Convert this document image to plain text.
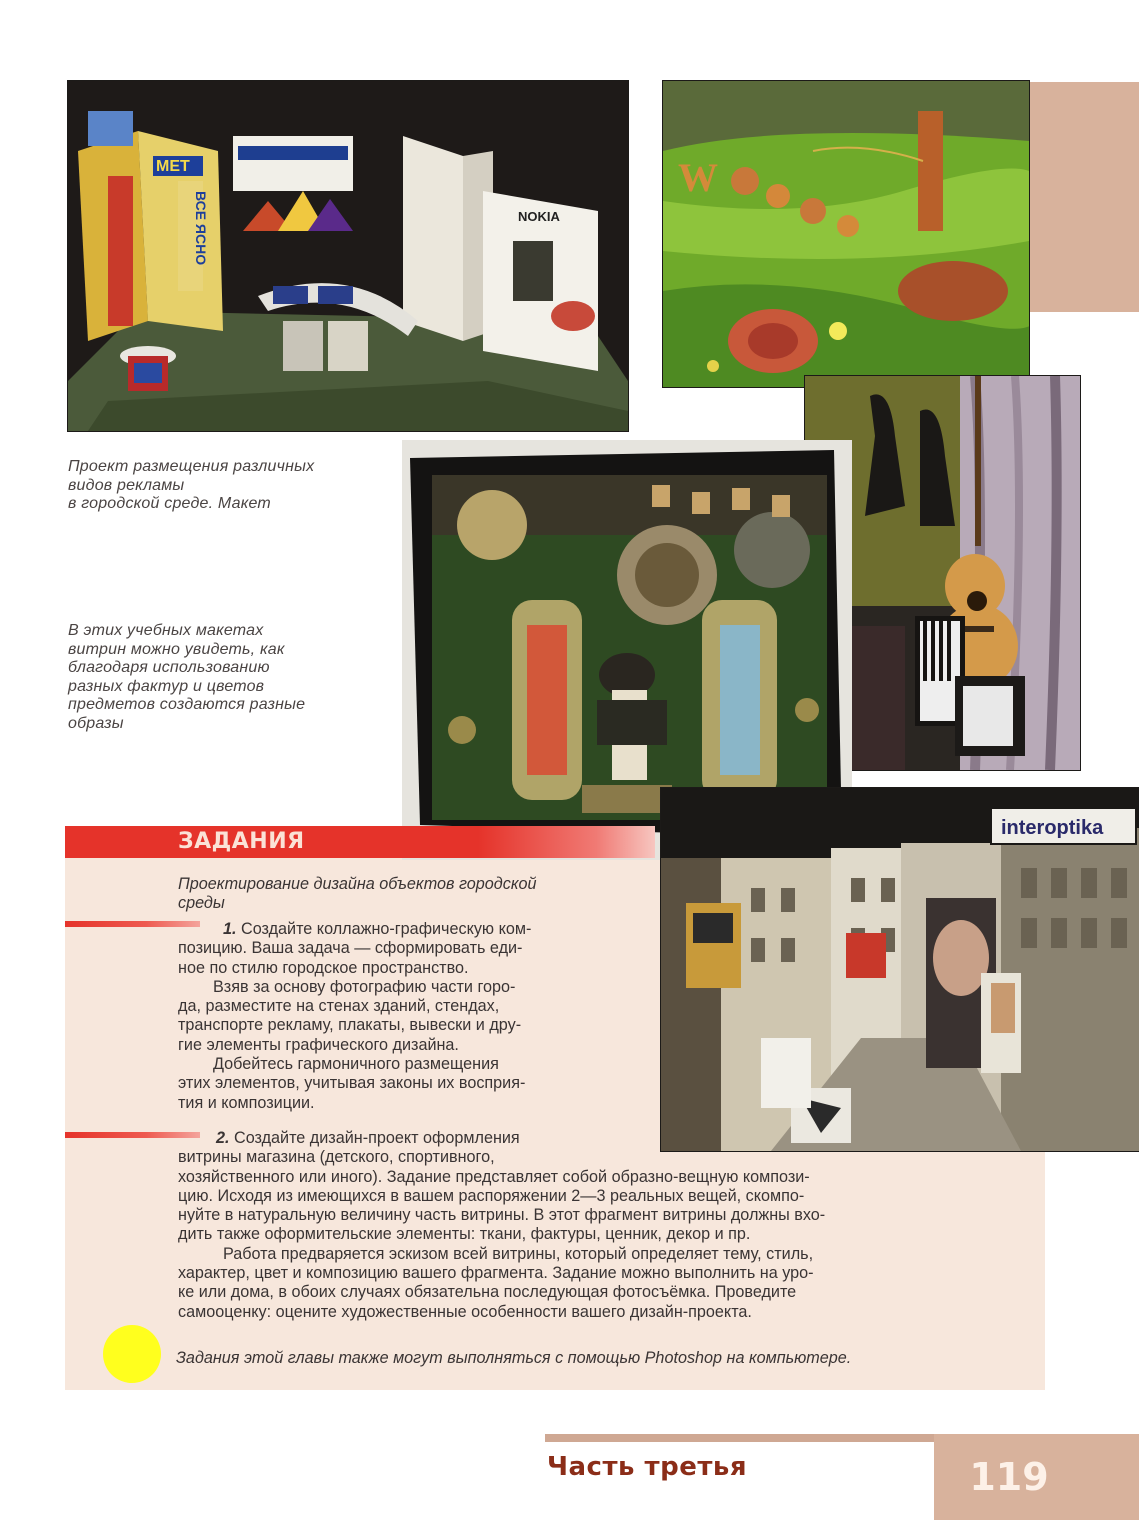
МЕТ
ВСЕ ЯСНО	NOKIA
W
interoptika
Проект размещения различных
видов рекламы
в городской среде. Макет
В этих учебных макетах
витрин можно увидеть, как
благодаря использованию
разных фактур и цветов
предметов создаются разные
образы
ЗАДАНИЯ

Проектирование дизайна объектов городской

среды

1. Создайте коллажно-графическую ком-

позицию. Ваша задача — сформировать еди-

ное по стилю городское пространство.

Взяв за основу фотографию части горо-

да, разместите на стенах зданий, стендах,

транспорте рекламу, плакаты, вывески и дру-

гие элементы графического дизайна.

Добейтесь гармоничного размещения

этих элементов, учитывая законы их восприя-

тия и композиции.

2. Создайте дизайн-проект оформления

витрины магазина (детского, спортивного,

хозяйственного или иного). Задание представляет собой образно-вещную компози-

цию. Исходя из имеющихся в вашем распоряжении 2—3 реальных вещей, скомпо-

нуйте в натуральную величину часть витрины. В этот фрагмент витрины должны вхо-

дить также оформительские элементы: ткани, фактуры, ценник, декор и пр.

Работа предваряется эскизом всей витрины, который определяет тему, стиль,

характер, цвет и композицию вашего фрагмента. Задание можно выполнить на уро-

ке или дома, в обоих случаях обязательна последующая фотосъёмка. Проведите

самооценку: оцените художественные особенности вашего дизайн-проекта.

Задания этой главы также могут выполняться с помощью Photoshop на компьютере.
Часть третья	119
